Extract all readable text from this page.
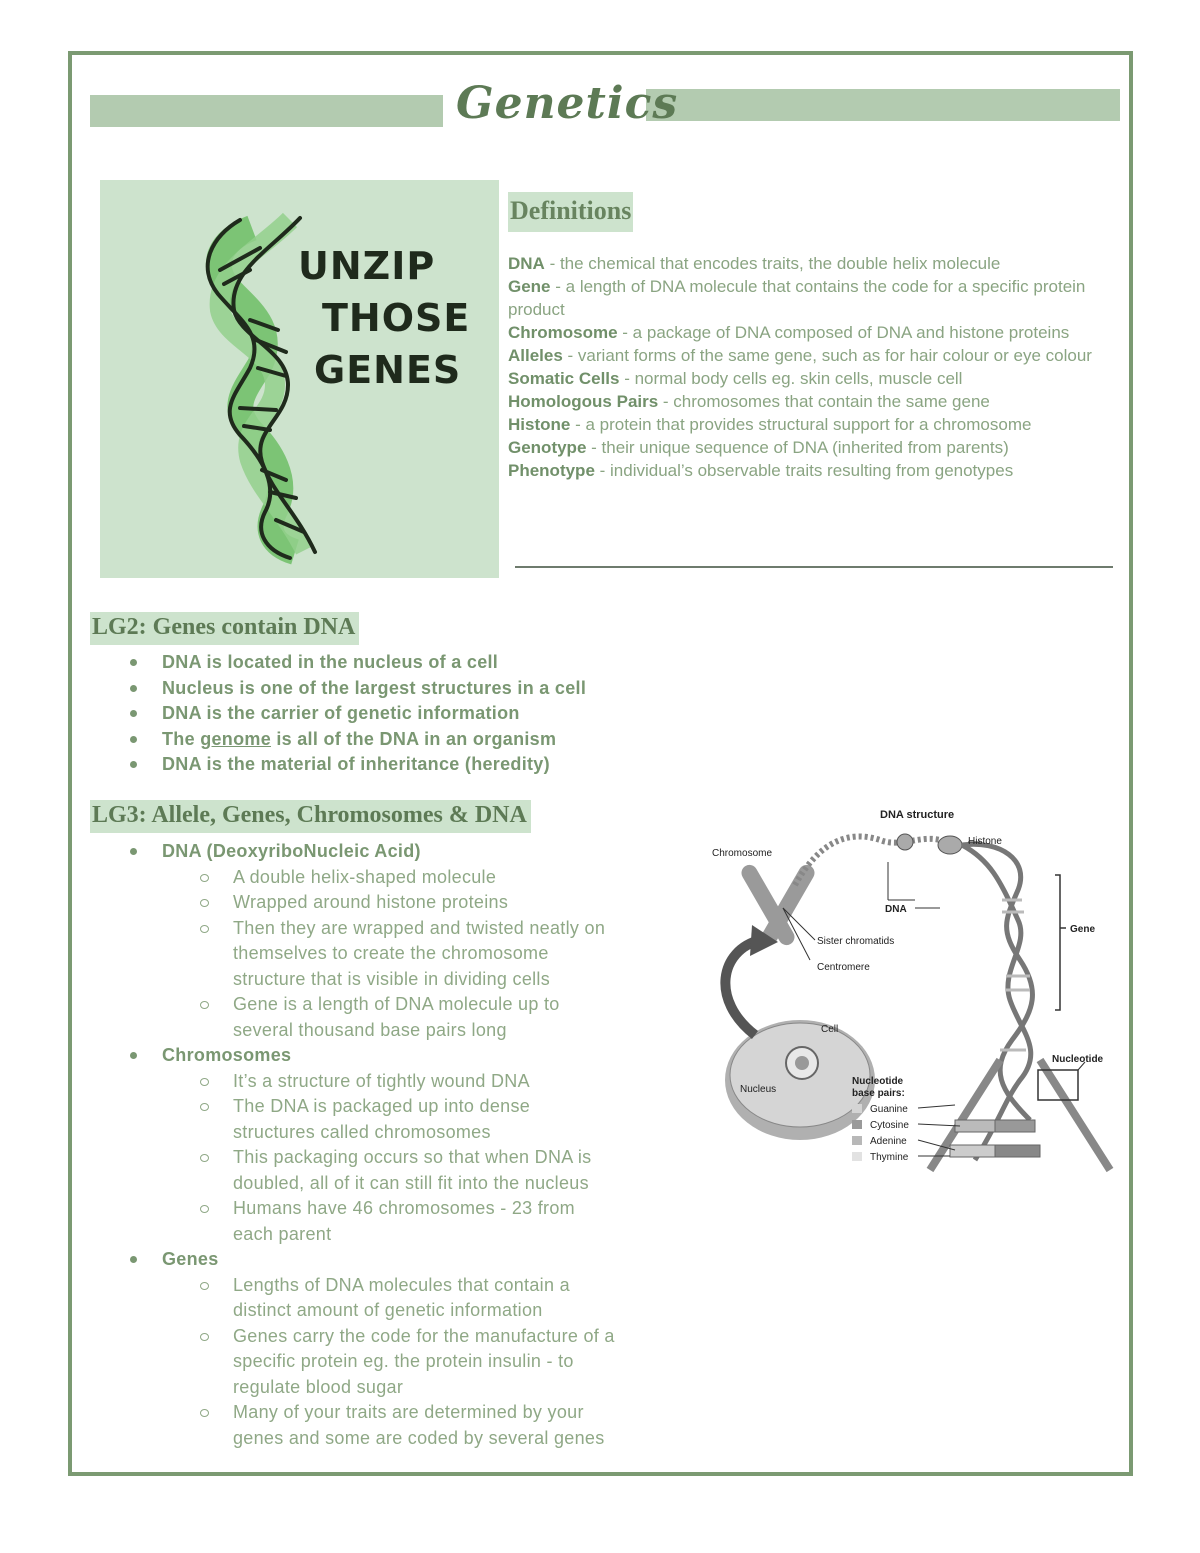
Genetics
UNZIP
THOSE
GENES
Definitions
DNA - the chemical that encodes traits, the double helix molecule
Gene - a length of DNA molecule that contains the code for a specific protein product
Chromosome - a package of DNA composed of DNA and histone proteins
Alleles - variant forms of the same gene, such as for hair colour or eye colour
Somatic Cells - normal body cells eg. skin cells, muscle cell
Homologous Pairs - chromosomes that contain the same gene
Histone - a protein that provides structural support for a chromosome
Genotype - their unique sequence of DNA (inherited from parents)
Phenotype - individual’s observable traits resulting from genotypes
LG2: Genes contain DNA
DNA is located in the nucleus of a cell
Nucleus is one of the largest structures in a cell
DNA is the carrier of genetic information
The genome is all of the DNA in an organism
DNA is the material of inheritance (heredity)
LG3: Allele, Genes, Chromosomes & DNA
DNA (DeoxyriboNucleic Acid)
A double helix-shaped molecule
Wrapped around histone proteins
Then they are wrapped and twisted neatly on
themselves to create the chromosome
structure that is visible in dividing cells
Gene is a length of DNA molecule up to
several thousand base pairs long
Chromosomes
It’s a structure of tightly wound DNA
The DNA is packaged up into dense
structures called chromosomes
This packaging occurs so that when DNA is
doubled, all of it can still fit into the nucleus
Humans have 46 chromosomes - 23 from
each parent
Genes
Lengths of DNA molecules that contain a
distinct amount of genetic information
Genes carry the code for the manufacture of a
specific protein eg. the protein insulin - to
regulate blood sugar
Many of your traits are determined by your
genes and some are coded by several genes
DNA structure
Histone
Chromosome
DNA
Gene
Sister chromatids
Centromere
Cell
Nucleus
Nucleotide
Nucleotide
base pairs:
Guanine
Cytosine
Adenine
Thymine
